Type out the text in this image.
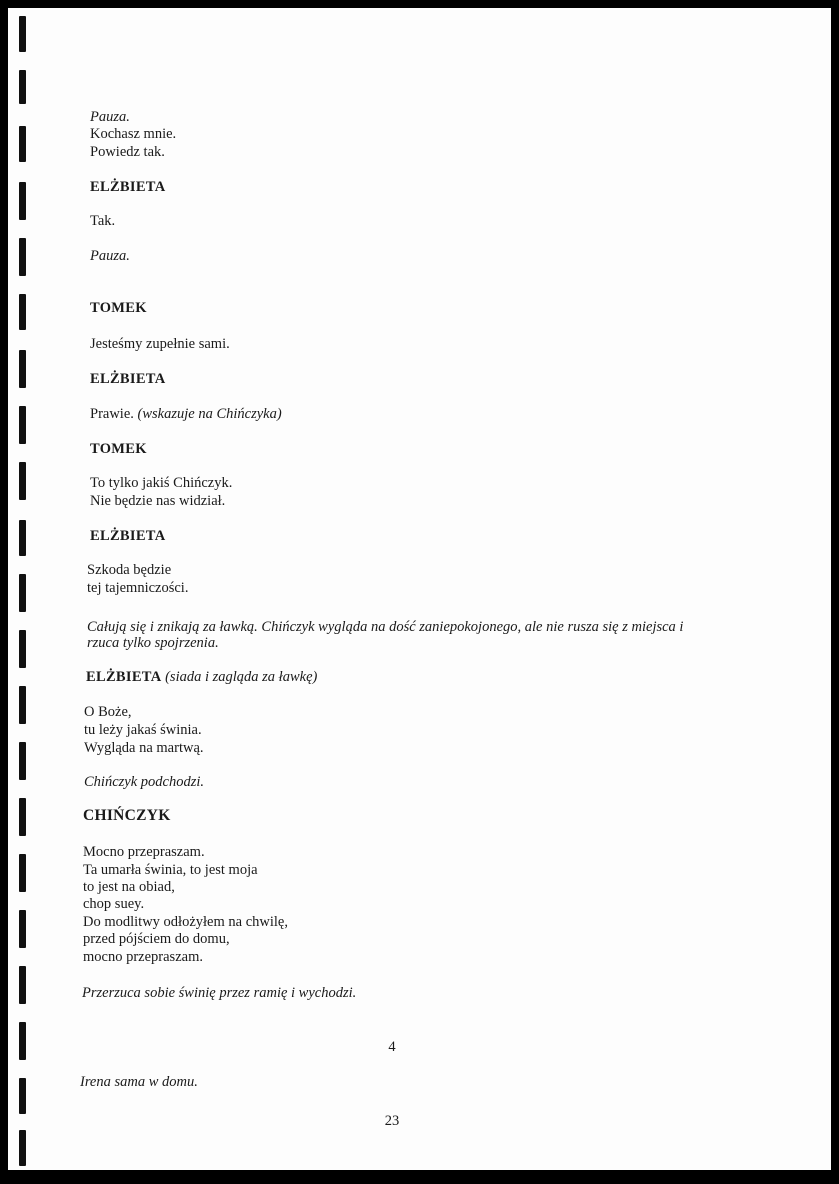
Pauza.

Kochasz mnie.

Powiedz tak.

ELŻBIETA

Tak.

Pauza.

TOMEK

Jesteśmy zupełnie sami.

ELŻBIETA

Prawie. (wskazuje na Chińczyka)

TOMEK

To tylko jakiś Chińczyk.

Nie będzie nas widział.

ELŻBIETA

Szkoda będzie

tej tajemniczości.

Całują się i znikają za ławką. Chińczyk wygląda na dość zaniepokojonego, ale nie rusza się z miejsca i

rzuca tylko spojrzenia.

ELŻBIETA (siada i zagląda za ławkę)

O Boże,

tu leży jakaś świnia.

Wygląda na martwą.

Chińczyk podchodzi.

CHIŃCZYK

Mocno przepraszam.

Ta umarła świnia, to jest moja

to jest na obiad,

chop suey.

Do modlitwy odłożyłem na chwilę,

przed pójściem do domu,

mocno przepraszam.

Przerzuca sobie świnię przez ramię i wychodzi.

4

Irena sama w domu.

23
